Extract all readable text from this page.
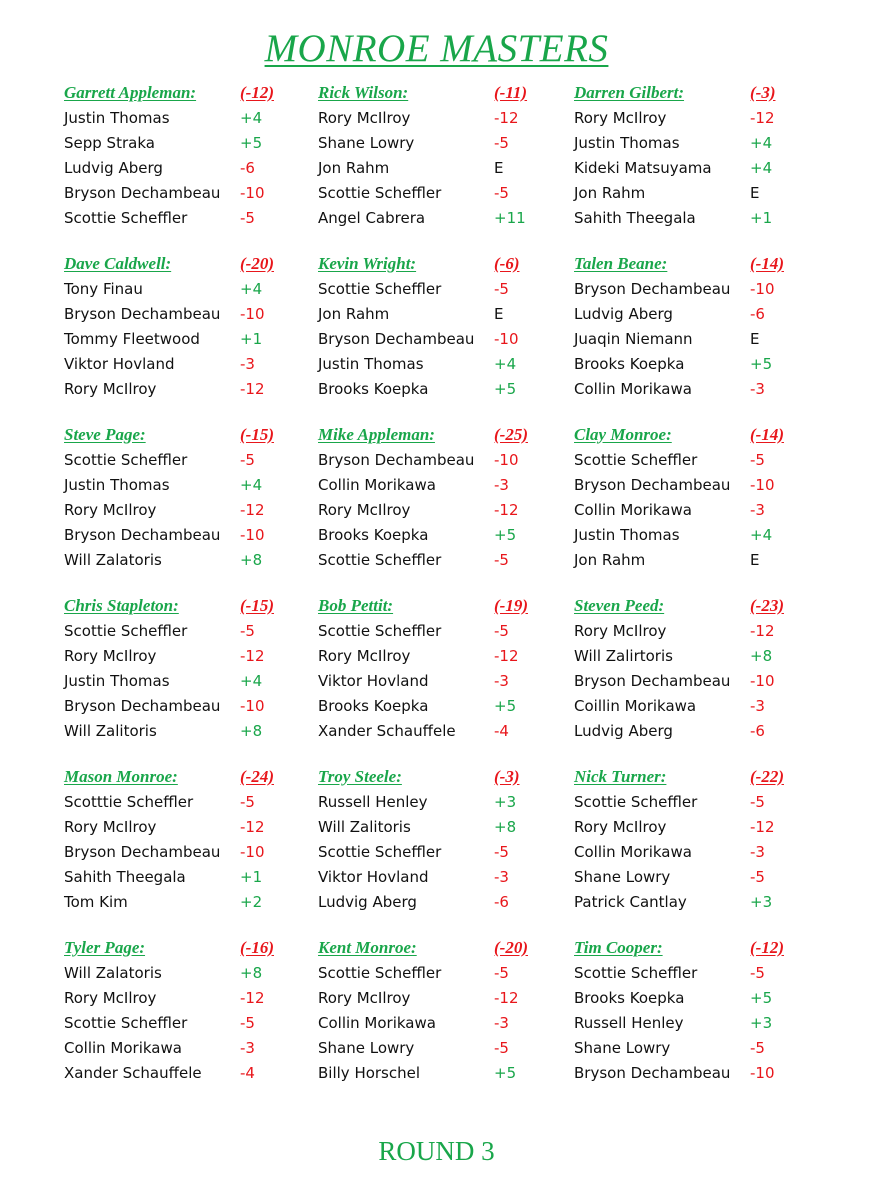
MONROE MASTERS
Garrett Appleman:	(-12)
Justin Thomas	+4
Sepp Straka	+5
Ludvig Aberg	-6
Bryson Dechambeau	-10
Scottie Scheffler	-5
Rick Wilson:	(-11)
Rory McIlroy	-12
Shane Lowry	-5
Jon Rahm	E
Scottie Scheffler	-5
Angel Cabrera	+11
Darren Gilbert:	(-3)
Rory McIlroy	-12
Justin Thomas	+4
Kideki Matsuyama	+4
Jon Rahm	E
Sahith Theegala	+1
Dave Caldwell:	(-20)
Tony Finau	+4
Bryson Dechambeau	-10
Tommy Fleetwood	+1
Viktor Hovland	-3
Rory McIlroy	-12
Kevin Wright:	(-6)
Scottie Scheffler	-5
Jon Rahm	E
Bryson Dechambeau	-10
Justin Thomas	+4
Brooks Koepka	+5
Talen Beane:	(-14)
Bryson Dechambeau	-10
Ludvig Aberg	-6
Juaqin Niemann	E
Brooks Koepka	+5
Collin Morikawa	-3
Steve Page:	(-15)
Scottie Scheffler	-5
Justin Thomas	+4
Rory McIlroy	-12
Bryson Dechambeau	-10
Will Zalatoris	+8
Mike Appleman:	(-25)
Bryson Dechambeau	-10
Collin Morikawa	-3
Rory McIlroy	-12
Brooks Koepka	+5
Scottie Scheffler	-5
Clay Monroe:	(-14)
Scottie Scheffler	-5
Bryson Dechambeau	-10
Collin Morikawa	-3
Justin Thomas	+4
Jon Rahm	E
Chris Stapleton:	(-15)
Scottie Scheffler	-5
Rory McIlroy	-12
Justin Thomas	+4
Bryson Dechambeau	-10
Will Zalitoris	+8
Bob Pettit:	(-19)
Scottie Scheffler	-5
Rory McIlroy	-12
Viktor Hovland	-3
Brooks Koepka	+5
Xander Schauffele	-4
Steven Peed:	(-23)
Rory McIlroy	-12
Will Zalirtoris	+8
Bryson Dechambeau	-10
Coillin Morikawa	-3
Ludvig Aberg	-6
Mason Monroe:	(-24)
Scotttie Scheffler	-5
Rory McIlroy	-12
Bryson Dechambeau	-10
Sahith Theegala	+1
Tom Kim	+2
Troy Steele:	(-3)
Russell Henley	+3
Will Zalitoris	+8
Scottie Scheffler	-5
Viktor Hovland	-3
Ludvig Aberg	-6
Nick Turner:	(-22)
Scottie Scheffler	-5
Rory McIlroy	-12
Collin Morikawa	-3
Shane Lowry	-5
Patrick Cantlay	+3
Tyler Page:	(-16)
Will Zalatoris	+8
Rory McIlroy	-12
Scottie Scheffler	-5
Collin Morikawa	-3
Xander Schauffele	-4
Kent Monroe:	(-20)
Scottie Scheffler	-5
Rory McIlroy	-12
Collin Morikawa	-3
Shane Lowry	-5
Billy Horschel	+5
Tim Cooper:	(-12)
Scottie Scheffler	-5
Brooks Koepka	+5
Russell Henley	+3
Shane Lowry	-5
Bryson Dechambeau	-10
ROUND 3
